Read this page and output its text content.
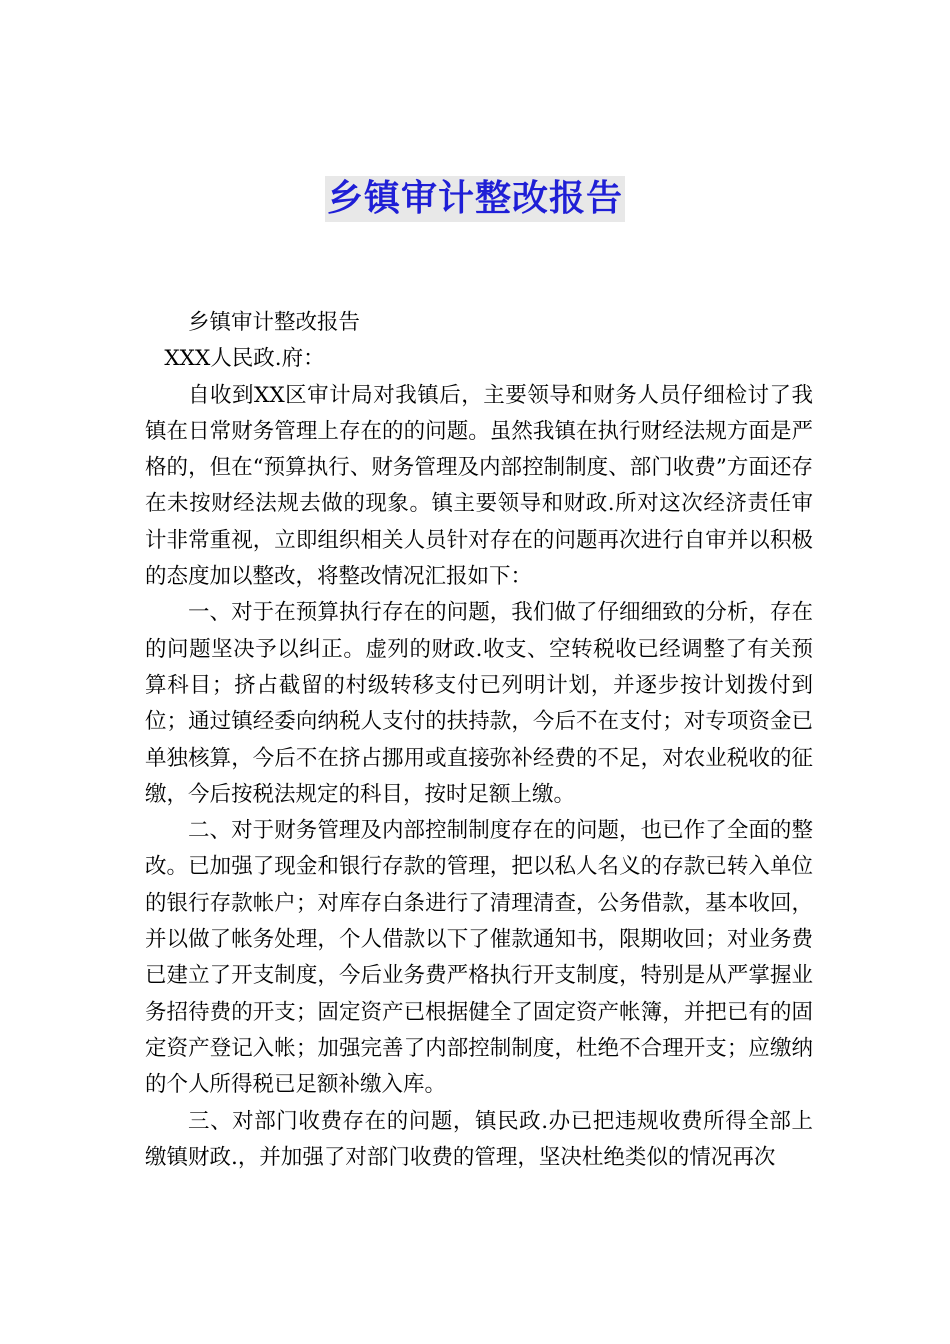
乡镇审计整改报告

乡镇审计整改报告

XXX人民政.府：

自收到XX区审计局对我镇后，主要领导和财务人员仔细检讨了我镇在日常财务管理上存在的的问题。虽然我镇在执行财经法规方面是严格的，但在“预算执行、财务管理及内部控制制度、部门收费”方面还存在未按财经法规去做的现象。镇主要领导和财政.所对这次经济责任审计非常重视，立即组织相关人员针对存在的问题再次进行自审并以积极的态度加以整改，将整改情况汇报如下：

一、对于在预算执行存在的问题，我们做了仔细细致的分析，存在的问题坚决予以纠正。虚列的财政.收支、空转税收已经调整了有关预算科目；挤占截留的村级转移支付已列明计划，并逐步按计划拨付到位；通过镇经委向纳税人支付的扶持款，今后不在支付；对专项资金已单独核算，今后不在挤占挪用或直接弥补经费的不足，对农业税收的征缴，今后按税法规定的科目，按时足额上缴。

二、对于财务管理及内部控制制度存在的问题，也已作了全面的整改。已加强了现金和银行存款的管理，把以私人名义的存款已转入单位的银行存款帐户；对库存白条进行了清理清查，公务借款，基本收回，并以做了帐务处理，个人借款以下了催款通知书，限期收回；对业务费已建立了开支制度，今后业务费严格执行开支制度，特别是从严掌握业务招待费的开支；固定资产已根据健全了固定资产帐簿，并把已有的固定资产登记入帐；加强完善了内部控制制度，杜绝不合理开支；应缴纳的个人所得税已足额补缴入库。

三、对部门收费存在的问题，镇民政.办已把违规收费所得全部上缴镇财政.，并加强了对部门收费的管理，坚决杜绝类似的情况再次
